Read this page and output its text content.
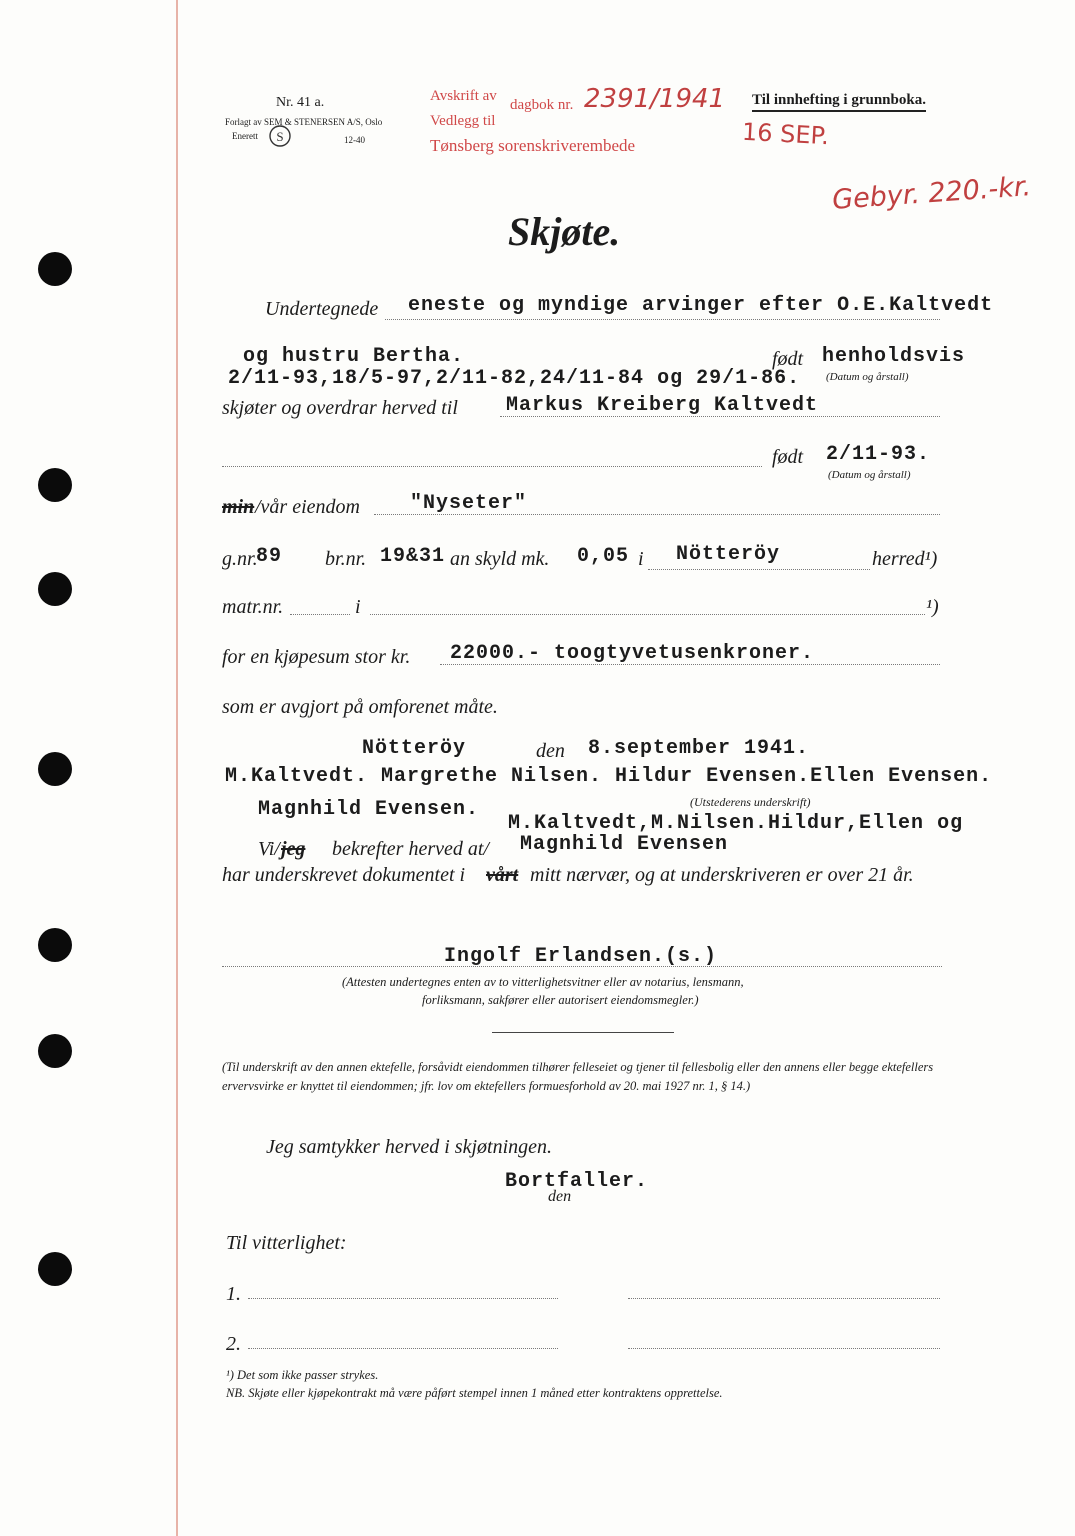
Nr. 41 a.
Forlagt av SEM & STENERSEN A/S, Oslo
Enerett S	12-40
Avskrift av
dagbok nr.
Vedlegg til
Tønsberg sorenskriverembede
2391/1941
16 SEP.
Til innhefting i grunnboka.
Gebyr. 220.-kr.
Skjøte.
Undertegnede eneste og myndige arvinger efter O.E.Kaltvedt
og hustru Bertha.	født henholdsvis
2/11-93,18/5-97,2/11-82,24/11-84 og 29/1-86. (Datum og årstall)
skjøter og overdrar herved til Markus Kreiberg Kaltvedt
født 2/11-93.
(Datum og årstall)
min /vår eiendom	"Nyseter"
g.nr.
89 br.nr. 19&31 an skyld mk. 0,05 i Nötteröy	herred¹)
matr.nr.	i	¹)
for en kjøpesum stor kr. 22000.- toogtyvetusenkroner.
som er avgjort på omforenet måte.
Nötteröy	den 8.september 1941.
M.Kaltvedt. Margrethe Nilsen. Hildur Evensen.Ellen Evensen.
Magnhild Evensen.	(Utstederens underskrift)
M.Kaltvedt,M.Nilsen.Hildur,Ellen og
Vi/ jeg bekrefter herved at/ Magnhild Evensen
har underskrevet dokumentet i vårt mitt nærvær, og at underskriveren er over 21 år.
Ingolf Erlandsen.(s.)
(Attesten undertegnes enten av to vitterlighetsvitner eller av notarius, lensmann,
forliksmann, sakfører eller autorisert eiendomsmegler.)
(Til underskrift av den annen ektefelle, forsåvidt eiendommen tilhører felleseiet og tjener til fellesbolig eller den annens eller begge ektefellers ervervsvirke er knyttet til eiendommen; jfr. lov om ektefellers formuesforhold av 20. mai 1927 nr. 1, § 14.)
Jeg samtykker herved i skjøtningen.
Bortfaller.
den
Til vitterlighet:
1.
2.
¹) Det som ikke passer strykes.
NB. Skjøte eller kjøpekontrakt må være påført stempel innen 1 måned etter kontraktens opprettelse.
